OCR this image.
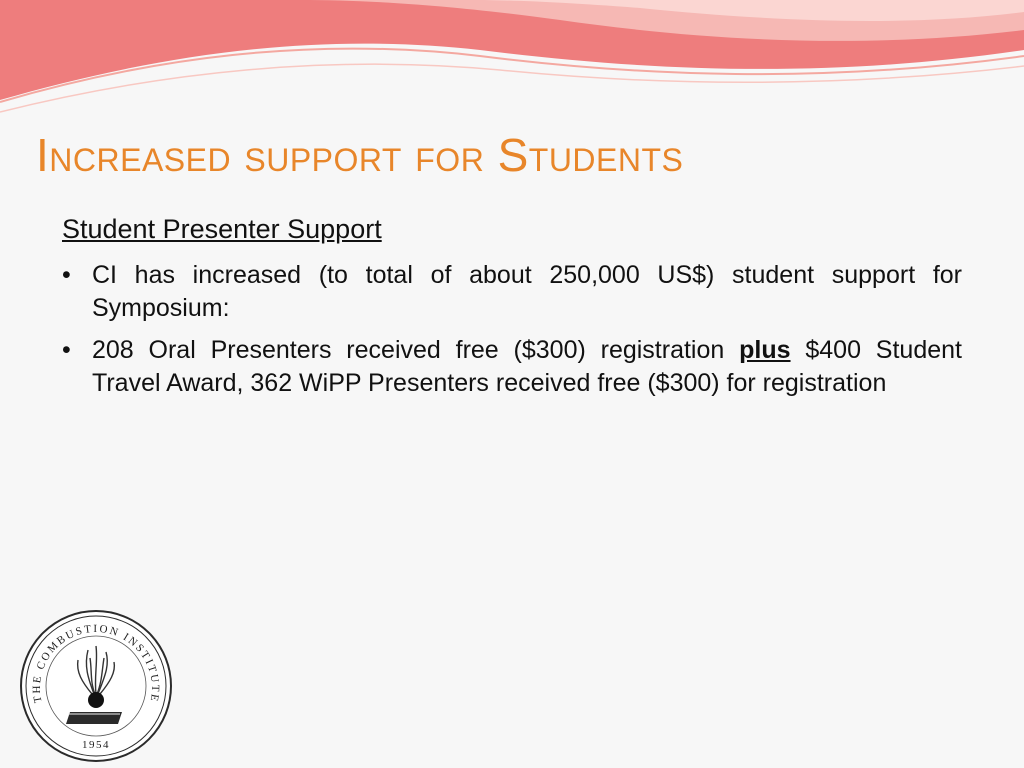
Increased support for Students
Student Presenter Support
• CI has increased (to total of about 250,000 US$) student support for Symposium:
• 208 Oral Presenters received free ($300) registration plus $400 Student Travel Award, 362 WiPP Presenters received free ($300) for registration
THE COMBUSTION INSTITUTE
1954
